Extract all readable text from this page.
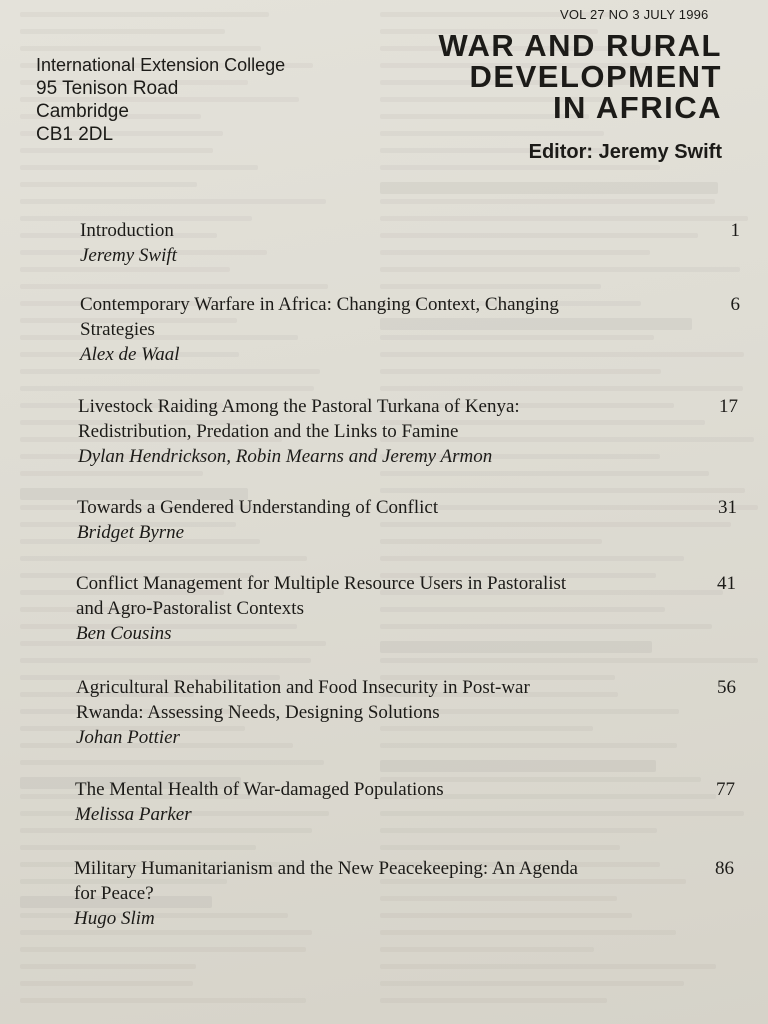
VOL 27 NO 3 JULY 1996
International Extension College
95 Tenison Road
Cambridge
CB1 2DL
WAR AND RURAL
DEVELOPMENT
IN AFRICA
Editor: Jeremy Swift
Introduction
Jeremy Swift
1
Contemporary Warfare in Africa: Changing Context, Changing
Strategies
Alex de Waal
6
Livestock Raiding Among the Pastoral Turkana of Kenya:
Redistribution, Predation and the Links to Famine
Dylan Hendrickson, Robin Mearns and Jeremy Armon
17
Towards a Gendered Understanding of Conflict
Bridget Byrne
31
Conflict Management for Multiple Resource Users in Pastoralist
and Agro-Pastoralist Contexts
Ben Cousins
41
Agricultural Rehabilitation and Food Insecurity in Post-war
Rwanda: Assessing Needs, Designing Solutions
Johan Pottier
56
The Mental Health of War-damaged Populations
Melissa Parker
77
Military Humanitarianism and the New Peacekeeping: An Agenda
for Peace?
Hugo Slim
86
